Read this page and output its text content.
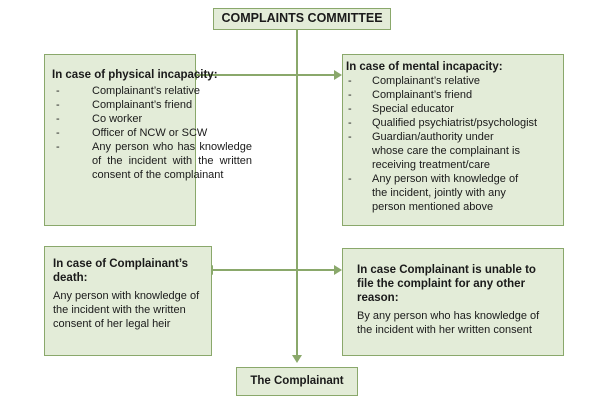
COMPLAINTS COMMITTEE
In case of physical incapacity:
- Complainant’s relative
- Complainant’s friend
- Co worker
- Officer of NCW or SCW
- Any person who has knowledge of the incident with the written consent of the complainant
In case of mental incapacity:
- Complainant’s relative
- Complainant’s friend
- Special educator
- Qualified psychiatrist/psychologist
- Guardian/authority under whose care the complainant is receiving treatment/care
- Any person with knowledge of the incident, jointly with any person mentioned above
In case of Complainant’s death:
Any person with knowledge of the incident with the written consent of her legal heir
In case Complainant is unable to file the complaint for any other reason:
By any person who has knowledge of the incident with her written consent
The Complainant
